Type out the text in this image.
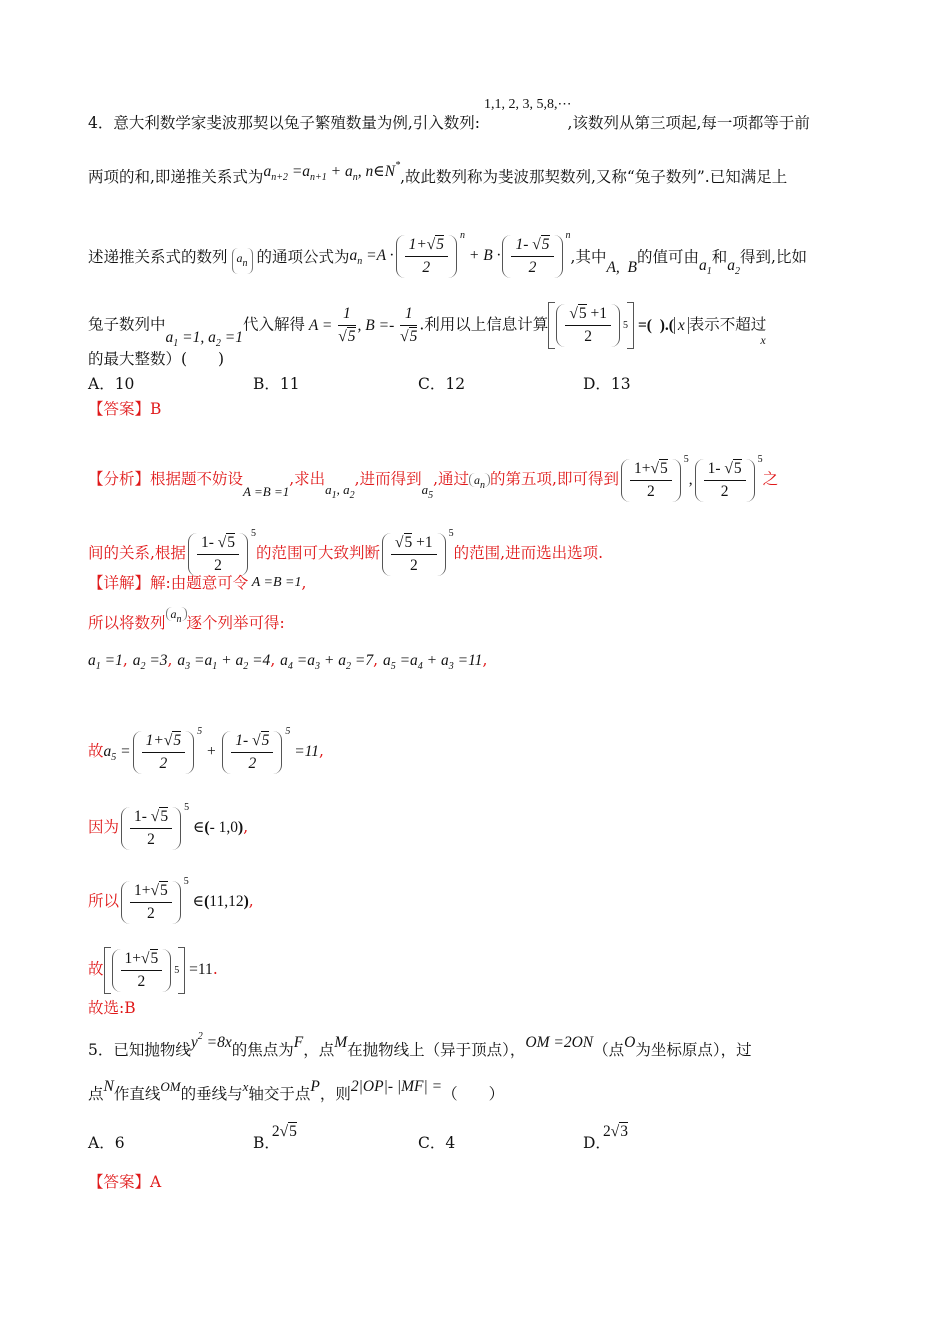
4．意大利数学家斐波那契以兔子繁殖数量为例,引入数列:1,1, 2, 3, 5,8,⋯,该数列从第三项起,每一项都等于前
两项的和,即递推关系式为$a_{n+2} =a_{n+1} + a_n$, n∈N*,故此数列称为斐波那契数列,又称“兔子数列”.已知满足上
述递推关系式的数列 $a_n$ 的通项公式为$a_n =A \cdot \frac{1+√5}{2} ^n + B \cdot \frac{1- √5}{2} ^n$,其中A,  B的值可由$a_1$和$a_2$得到,比如
兔子数列中$a_1 =1$, $a_2 =1$代入解得 $A = \frac{1}{√5}$ , $B =- \frac{1}{√5}$ .利用以上信息计算 $\frac{√5 +1}{2} 5$ =(  ).( x 表示不超过$_x$
的最大整数）(　　)
A．10	B．11	C．12	D．13
【答案】B
【分析】根据题不妨设$_{A =B =1}$,求出$_{a_1, a_2}$,进而得到$_{a_5}$,通过 $a_n$ 的第五项,即可得到 $\frac{1+√5}{2} ^5$, $\frac{1- √5}{2} ^5$之
间的关系,根据 $\frac{1- √5}{2} ^5$的范围可大致判断 $\frac{√5 +1}{2} ^5$的范围,进而选出选项.
【详解】解:由题意可令 A =B =1,
所以将数列 $^{a_n}$ 逐个列举可得:
$a_1 =1$, $a_2 =3$, $a_3 =a_1 + a_2 =4$, $a_4 =a_3 + a_2 =7$, $a_5 =a_4 + a_3 =11$,
故$a_5 = \frac{1+√5}{2} ^5 + \frac{1- √5}{2} ^5 =11$,
因为 $\frac{1- √5}{2} ^5$ ∈(- 1,0),
所以 $\frac{1+√5}{2} ^5$ ∈(11,12),
故 $\frac{1+√5}{2} 5 =11$.
故选:B
5．已知抛物线$y^2 =8x$的焦点为F，点M在抛物线上（异于顶点），OM =2ON（点O为坐标原点），过
点N作直线$^{OM}$的垂线与$^x$轴交于点P，则2|OP|- |MF| =（　　）
A．6	B．2√5
C．4	D．2√3
【答案】A
